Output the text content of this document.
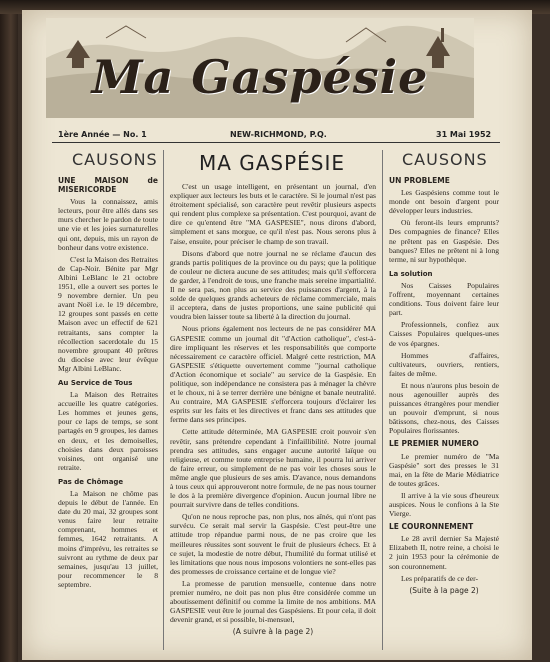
Ma Gaspésie
1ère Année — No. 1	NEW-RICHMOND, P.Q.	31 Mai 1952
CAUSONS	CAUSONS
MA GASPÉSIE
UNE MAISON de MISERICORDE

Vous la connaissez, amis lecteurs, pour être allés dans ses murs chercher le pardon de toute une vie et les joies surnaturelles qui ont, depuis, mis un rayon de bonheur dans votre existence.

C'est la Maison des Retraites de Cap-Noir. Bénite par Mgr Albini LeBlanc le 21 octobre 1951, elle a ouvert ses portes le 9 novembre dernier. Un peu avant Noël i.e. le 19 décembre, 12 groupes sont passés en cette Maison avec un effectif de 621 retraitants, sans compter la récollection sacerdotale du 15 novembre groupant 40 prêtres du diocèse avec leur évêque Mgr Albini LeBlanc.

Au Service de Tous

La Maison des Retraites accueille les quatre catégories. Les hommes et jeunes gens, pour ce laps de temps, se sont partagés en 9 groupes, les dames en deux, et les demoiselles, choisies dans deux paroisses voisines, ont organisé une retraite.

Pas de Chômage

La Maison ne chôme pas depuis le début de l'année. En date du 20 mai, 32 groupes sont venus faire leur retraite comprenant, hommes et femmes, 1642 retraitants. A moins d'imprévu, les retraites se suivront au rythme de deux par semaines, jusqu'au 13 juillet, pour recommencer le 8 septembre.

C'est un usage intelligent, en présentant un journal, d'en expliquer aux lecteurs les buts et le caractère. Si le journal n'est pas étroitement spécialisé, son caractère peut revêtir plusieurs aspects qui rendent plus complexe sa présentation. C'est pourquoi, avant de dire ce qu'entend être "MA GASPESIE", nous dirons d'abord, simplement et sans morgue, ce qu'il n'est pas. Nous serons plus à l'aise, ensuite, pour préciser le champ de son travail.

Disons d'abord que notre journal ne se réclame d'aucun des grands partis politiques de la province ou du pays; que la politique de couleur ne dictera aucune de ses attitudes; mais qu'il s'efforcera de garder, à l'endroit de tous, une franche mais sereine impartialité. Il ne sera pas, non plus au service des puissances d'argent, à la solde de quelques grands acheteurs de réclame commerciale, mais il acceptera, dans de justes proportions, une saine publicité qui voudra bien laisser toute sa liberté à la direction du journal.

Nous prions également nos lecteurs de ne pas considérer MA GASPESIE comme un journal dit "d'Action catholique", c'est-à-dire impliquant les réserves et les responsabilités que comporte nécessairement ce caractère officiel. Malgré cette restriction, MA GASPESIE s'étiquette ouvertement comme "journal catholique d'Action économique et sociale" au service de la Gaspésie. En politique, son indépendance ne consistera pas à ménager la chèvre et le choux, ni à se terrer derrière une bénigne et banale neutralité. Au contraire, MA GASPESIE s'efforcera toujours d'éclairer les esprits sur les faits et les directives et franc dans ses attitudes que ferme dans ses principes.

Cette attitude déterminée, MA GASPESIE croit pouvoir s'en revêtir, sans prétendre cependant à l'infaillibilité. Notre journal prendra ses attitudes, sans engager aucune autorité laïque ou religieuse, et comme toute entreprise humaine, il pourra lui arriver de faire erreur, ou simplement de ne pas voir les choses sous le même angle que plusieurs de ses amis. D'avance, nous demandons à tous ceux qui approuveront notre formule, de ne pas nous tourner le dos à la première divergence d'opinion. Aucun journal libre ne pourrait survivre dans de telles conditions.

Qu'on ne nous reproche pas, non plus, nos aînés, qui n'ont pas survécu. Ce serait mal servir la Gaspésie. C'est peut-être une attitude trop répandue parmi nous, de ne pas croire que les meilleures réussites sont souvent le fruit de plusieurs échecs. Et à ce sujet, la modestie de notre début, l'humilité du format utilisé et les limitations que nous nous imposons volontiers ne sont-elles pas des promesses de croissance certaine et de longue vie?

La promesse de parution mensuelle, contenue dans notre premier numéro, ne doit pas non plus être considérée comme un aboutissement définitif ou comme la limite de nos ambitions. MA GASPESIE veut être le journal des Gaspésiens. Et pour cela, il doit devenir grand, et si possible, bi-mensuel,

(A suivre à la page 2)
UN PROBLEME

Les Gaspésiens comme tout le monde ont besoin d'argent pour développer leurs industries.

Où feront-ils leurs emprunts? Des compagnies de finance? Elles ne prêtent pas en Gaspésie. Des banques? Elles ne prêtent ni à long terme, ni sur hypothèque.

La solution

Nos Caisses Populaires l'offrent, moyennant certaines conditions. Tous doivent faire leur part.

Professionnels, confiez aux Caisses Populaires quelques-unes de vos épargnes.

Hommes d'affaires, cultivateurs, ouvriers, rentiers, faites de même.

Et nous n'aurons plus besoin de nous agenouiller auprès des puissances étrangères pour mendier un pouvoir d'emprunt, si nous bâtissons, chez-nous, des Caisses Populaires florissantes.

LE PREMIER NUMERO

Le premier numéro de "Ma Gaspésie" sort des presses le 31 mai, en la fête de Marie Médiatrice de toutes grâces.

Il arrive à la vie sous d'heureux auspices. Nous le confions à la Ste Vierge.

LE COURONNEMENT

Le 28 avril dernier Sa Majesté Elizabeth II, notre reine, a choisi le 2 juin 1953 pour la cérémonie de son couronnement.

Les préparatifs de ce der-

(Suite à la page 2)
